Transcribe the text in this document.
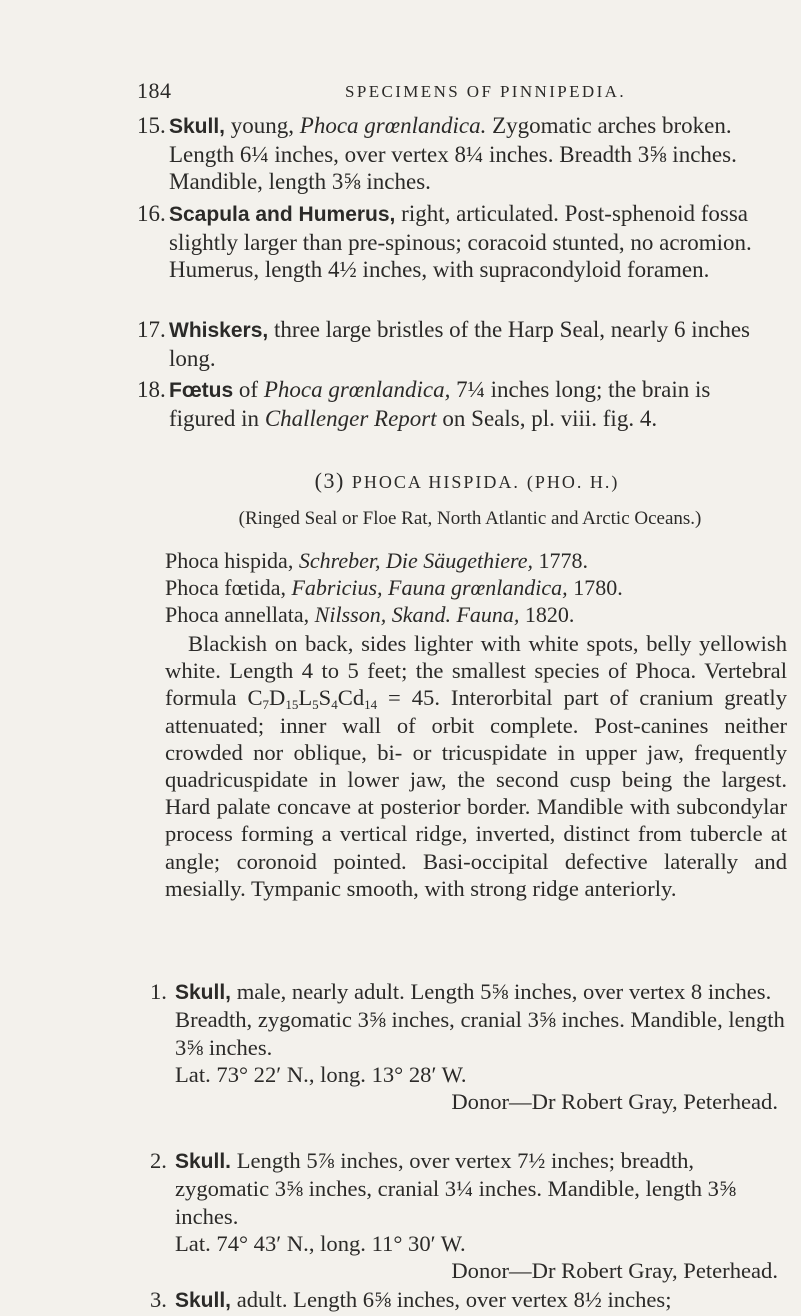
184	SPECIMENS OF PINNIPEDIA.
15. Skull, young, Phoca grœnlandica. Zygomatic arches broken. Length 6¼ inches, over vertex 8¼ inches. Breadth 3⅝ inches. Mandible, length 3⅝ inches.
16. Scapula and Humerus, right, articulated. Post-sphenoid fossa slightly larger than pre-spinous; coracoid stunted, no acromion. Humerus, length 4½ inches, with supracondyloid foramen.
17. Whiskers, three large bristles of the Harp Seal, nearly 6 inches long.
18. Fœtus of Phoca grœnlandica, 7¼ inches long; the brain is figured in Challenger Report on Seals, pl. viii. fig. 4.
(3) PHOCA HISPIDA. (PHO. H.)
(Ringed Seal or Floe Rat, North Atlantic and Arctic Oceans.)
Phoca hispida, Schreber, Die Säugethiere, 1778.
Phoca fœtida, Fabricius, Fauna grœnlandica, 1780.
Phoca annellata, Nilsson, Skand. Fauna, 1820.
Blackish on back, sides lighter with white spots, belly yellowish white. Length 4 to 5 feet; the smallest species of Phoca. Vertebral formula $C_7D_{15}L_5S_4Cd_{14} = 45$. Interorbital part of cranium greatly attenuated; inner wall of orbit complete. Post-canines neither crowded nor oblique, bi- or tricuspidate in upper jaw, frequently quadricuspidate in lower jaw, the second cusp being the largest. Hard palate concave at posterior border. Mandible with subcondylar process forming a vertical ridge, inverted, distinct from tubercle at angle; coronoid pointed. Basi-occipital defective laterally and mesially. Tympanic smooth, with strong ridge anteriorly.
1. Skull, male, nearly adult. Length 5⅝ inches, over vertex 8 inches. Breadth, zygomatic 3⅝ inches, cranial 3⅝ inches. Mandible, length 3⅝ inches.
Lat. 73° 22′ N., long. 13° 28′ W.
Donor—Dr Robert Gray, Peterhead.
2. Skull. Length 5⅞ inches, over vertex 7½ inches; breadth, zygomatic 3⅝ inches, cranial 3¼ inches. Mandible, length 3⅝ inches.
Lat. 74° 43′ N., long. 11° 30′ W.
Donor—Dr Robert Gray, Peterhead.
3. Skull, adult. Length 6⅝ inches, over vertex 8½ inches;
